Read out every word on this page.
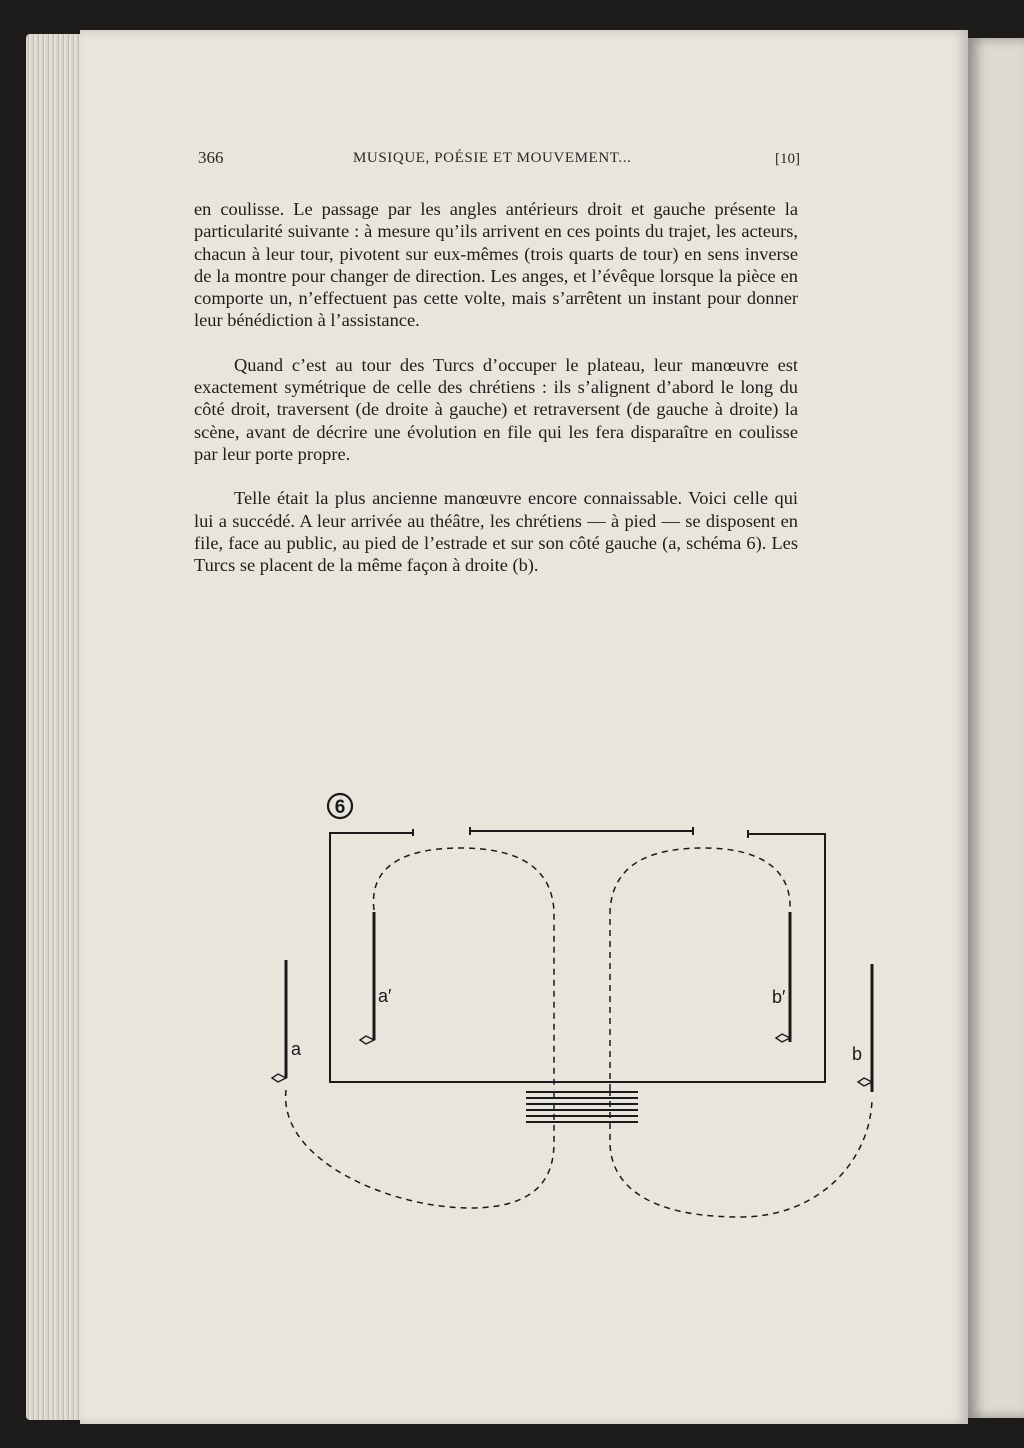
366	MUSIQUE, POÉSIE ET MOUVEMENT...	[10]

en coulisse. Le passage par les angles antérieurs droit et gauche présente la particularité suivante : à mesure qu’ils arrivent en ces points du trajet, les acteurs, chacun à leur tour, pivotent sur eux-mêmes (trois quarts de tour) en sens inverse de la montre pour changer de direction. Les anges, et l’évêque lorsque la pièce en comporte un, n’effectuent pas cette volte, mais s’arrêtent un instant pour donner leur bénédiction à l’assistance.

Quand c’est au tour des Turcs d’occuper le plateau, leur manœuvre est exactement symétrique de celle des chrétiens : ils s’alignent d’abord le long du côté droit, traversent (de droite à gauche) et retraversent (de gauche à droite) la scène, avant de décrire une évolution en file qui les fera disparaître en coulisse par leur porte propre.

Telle était la plus ancienne manœuvre encore connaissable. Voici celle qui lui a succédé. A leur arrivée au théâtre, les chrétiens — à pied — se disposent en file, face au public, au pied de l’estrade et sur son côté gauche (a, schéma 6). Les Turcs se placent de la même façon à droite (b).

6
a′
a
b′
b
